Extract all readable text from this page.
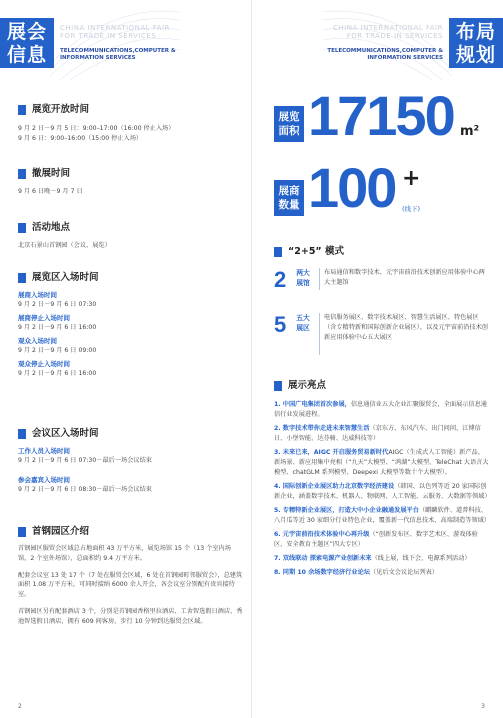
展会
信息
CHINA INTERNATIONAL FAIR
FOR TRADE IN SERVICES
TELECOMMUNICATIONS,COMPUTER &
INFORMATION SERVICES
展览开放时间
9 月 2 日－9 月 5 日：9:00–17:00（16:00 停止入场）
9 月 6 日：9:00–16:00（15:00 停止入场）
撤展时间
9 月 6 日晚－9 月 7 日
活动地点
北京石景山首钢园（会议、展览）
展览区入场时间
展商入场时间
9 月 2 日－9 月 6 日 07:30
展商停止入场时间
9 月 2 日－9 月 6 日 16:00
观众入场时间
9 月 2 日－9 月 6 日 09:00
观众停止入场时间
9 月 2 日－9 月 6 日 16:00
会议区入场时间
工作人员入场时间
9 月 2 日－9 月 6 日 07:30－最后一场会议结束
参会嘉宾入场时间
9 月 2 日－9 月 6 日 08:30－最后一场会议结束
首钢园区介绍
首钢园区服贸会区域总占地面积 43 万平方米，展览场馆 15 个（13 个室内场馆，2 个室外场馆），总面积约 9.4 万平方米。
配套会议室 13 处 17 个（7 处在服贸会区域，6 处在首钢园町邻服贸会），总建筑面积 1.08 万平方米，可同时接纳 6000 余人开会，各会议室分别配有贵宾接待室。
首钢园区另有配套酒店 3 个，分别是首钢园香格里拉酒店、工舍智选假日酒店、秀池智选假日酒店，拥有 609 间客房，步行 10 分钟到达服贸会区域。
2
布局
规划
CHINA INTERNATIONAL FAIR
FOR TRADE IN SERVICES
TELECOMMUNICATIONS,COMPUTER &
INFORMATION SERVICES
展览
面积 17150 m²
展商
数量 100 +
(线下)
“2+5” 模式
2	两大
展馆
布局通信和数字技术、元宇宙前沿技术创新应用体验中心两大主题馆
5	五大
展区
电信服务展区、数字技术展区、智慧生活展区、特色展区（含专精特新和国际创新企业展区），以及元宇宙前沿技术创新应用体验中心五大展区
展示亮点
1. 中国广电集团首次参展，信息通信业五大企业汇聚服贸会，全面展示信息通信行业发展进程。
2. 数字技术带你走进未来智慧生活（京东方、东风汽车、出门问问、江博信日、小堡智能、达芬骑、达威科技等）
3. 未来已来，AIGC 开启服务贸易新时代AIGC（生成式人工智能）新产品、新场景、新应用集中亮相（“九天”大模型、“鸿湖”大模型、TeleChat 大语言大模型、chatGLM 系列模型、Deepexi 大模型等数十个大模型）。
4. 国际创新企业展区助力北京数字经济建设（韩国、以色列等近 20 家国际创新企业，涵盖数字技术、机器人、物联网、人工智能、云服务、大数据等领域）
5. 专精特新企业展区，打造大中小企业融通发展平台（麒麟软件、道普科技、八月瓜等近 30 家细分行业特色企业，覆盖新一代信息技术、高端制造等领域）
6. 元宇宙前沿技术体验中心再升级（“创新发布区、数字艺术区、游戏体验区、安全教育主题区”四大专区）
7. 双线联动 探索电源产业创新未来（线上展，线下会，电源系列活动）
8. 同期 10 余场数字经济行业论坛（见后文会议论坛列表）
3
